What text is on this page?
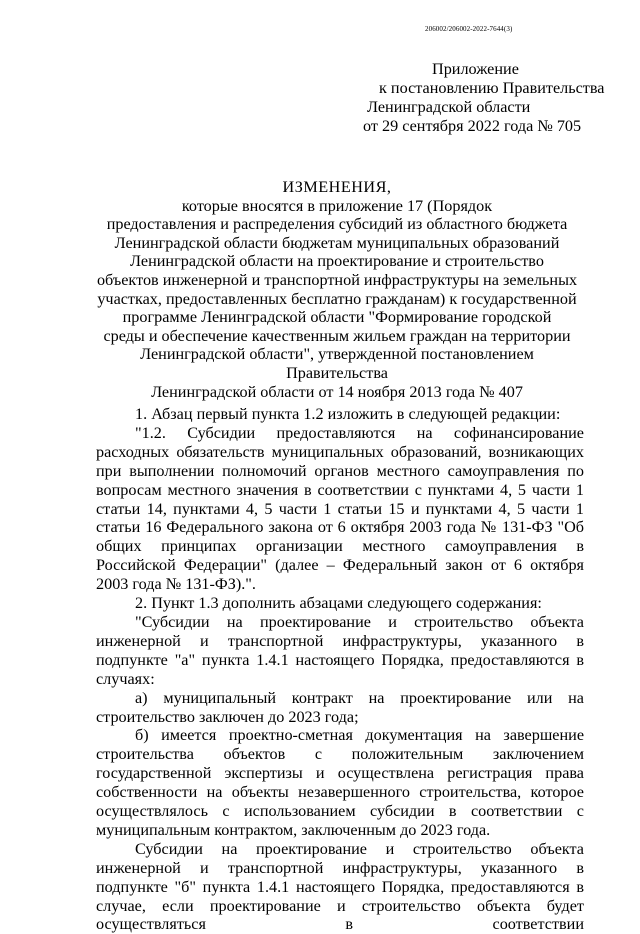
206002/206002-2022-7644(3)
Приложение
к постановлению Правительства
Ленинградской области
от 29 сентября 2022 года № 705
ИЗМЕНЕНИЯ,
которые вносятся в приложение 17 (Порядок
предоставления и распределения субсидий из областного бюджета
Ленинградской области бюджетам муниципальных образований
Ленинградской области на проектирование и строительство
объектов инженерной и транспортной инфраструктуры на земельных
участках, предоставленных бесплатно гражданам) к государственной
программе Ленинградской области "Формирование городской
среды и обеспечение качественным жильем граждан на территории
Ленинградской области", утвержденной постановлением Правительства
Ленинградской области от 14 ноября 2013 года № 407

1. Абзац первый пункта 1.2 изложить в следующей редакции:

"1.2. Субсидии предоставляются на софинансирование расходных обязательств муниципальных образований, возникающих при выполнении полномочий органов местного самоуправления по вопросам местного значения в соответствии с пунктами 4, 5 части 1 статьи 14, пунктами 4, 5 части 1 статьи 15 и пунктами 4, 5 части 1 статьи 16 Федерального закона от 6 октября 2003 года № 131-ФЗ "Об общих принципах организации местного самоуправления в Российской Федерации" (далее – Федеральный закон от 6 октября 2003 года № 131-ФЗ).".

2. Пункт 1.3 дополнить абзацами следующего содержания:

"Субсидии на проектирование и строительство объекта инженерной и транспортной инфраструктуры, указанного в подпункте "а" пункта 1.4.1 настоящего Порядка, предоставляются в случаях:

а) муниципальный контракт на проектирование или на строительство заключен до 2023 года;

б) имеется проектно-сметная документация на завершение строительства объектов с положительным заключением государственной экспертизы и осуществлена регистрация права собственности на объекты незавершенного строительства, которое осуществлялось с использованием субсидии в соответствии с муниципальным контрактом, заключенным до 2023 года.

Субсидии на проектирование и строительство объекта инженерной и транспортной инфраструктуры, указанного в подпункте "б" пункта 1.4.1 настоящего Порядка, предоставляются в случае, если проектирование и строительство объекта будет осуществляться в соответствии
